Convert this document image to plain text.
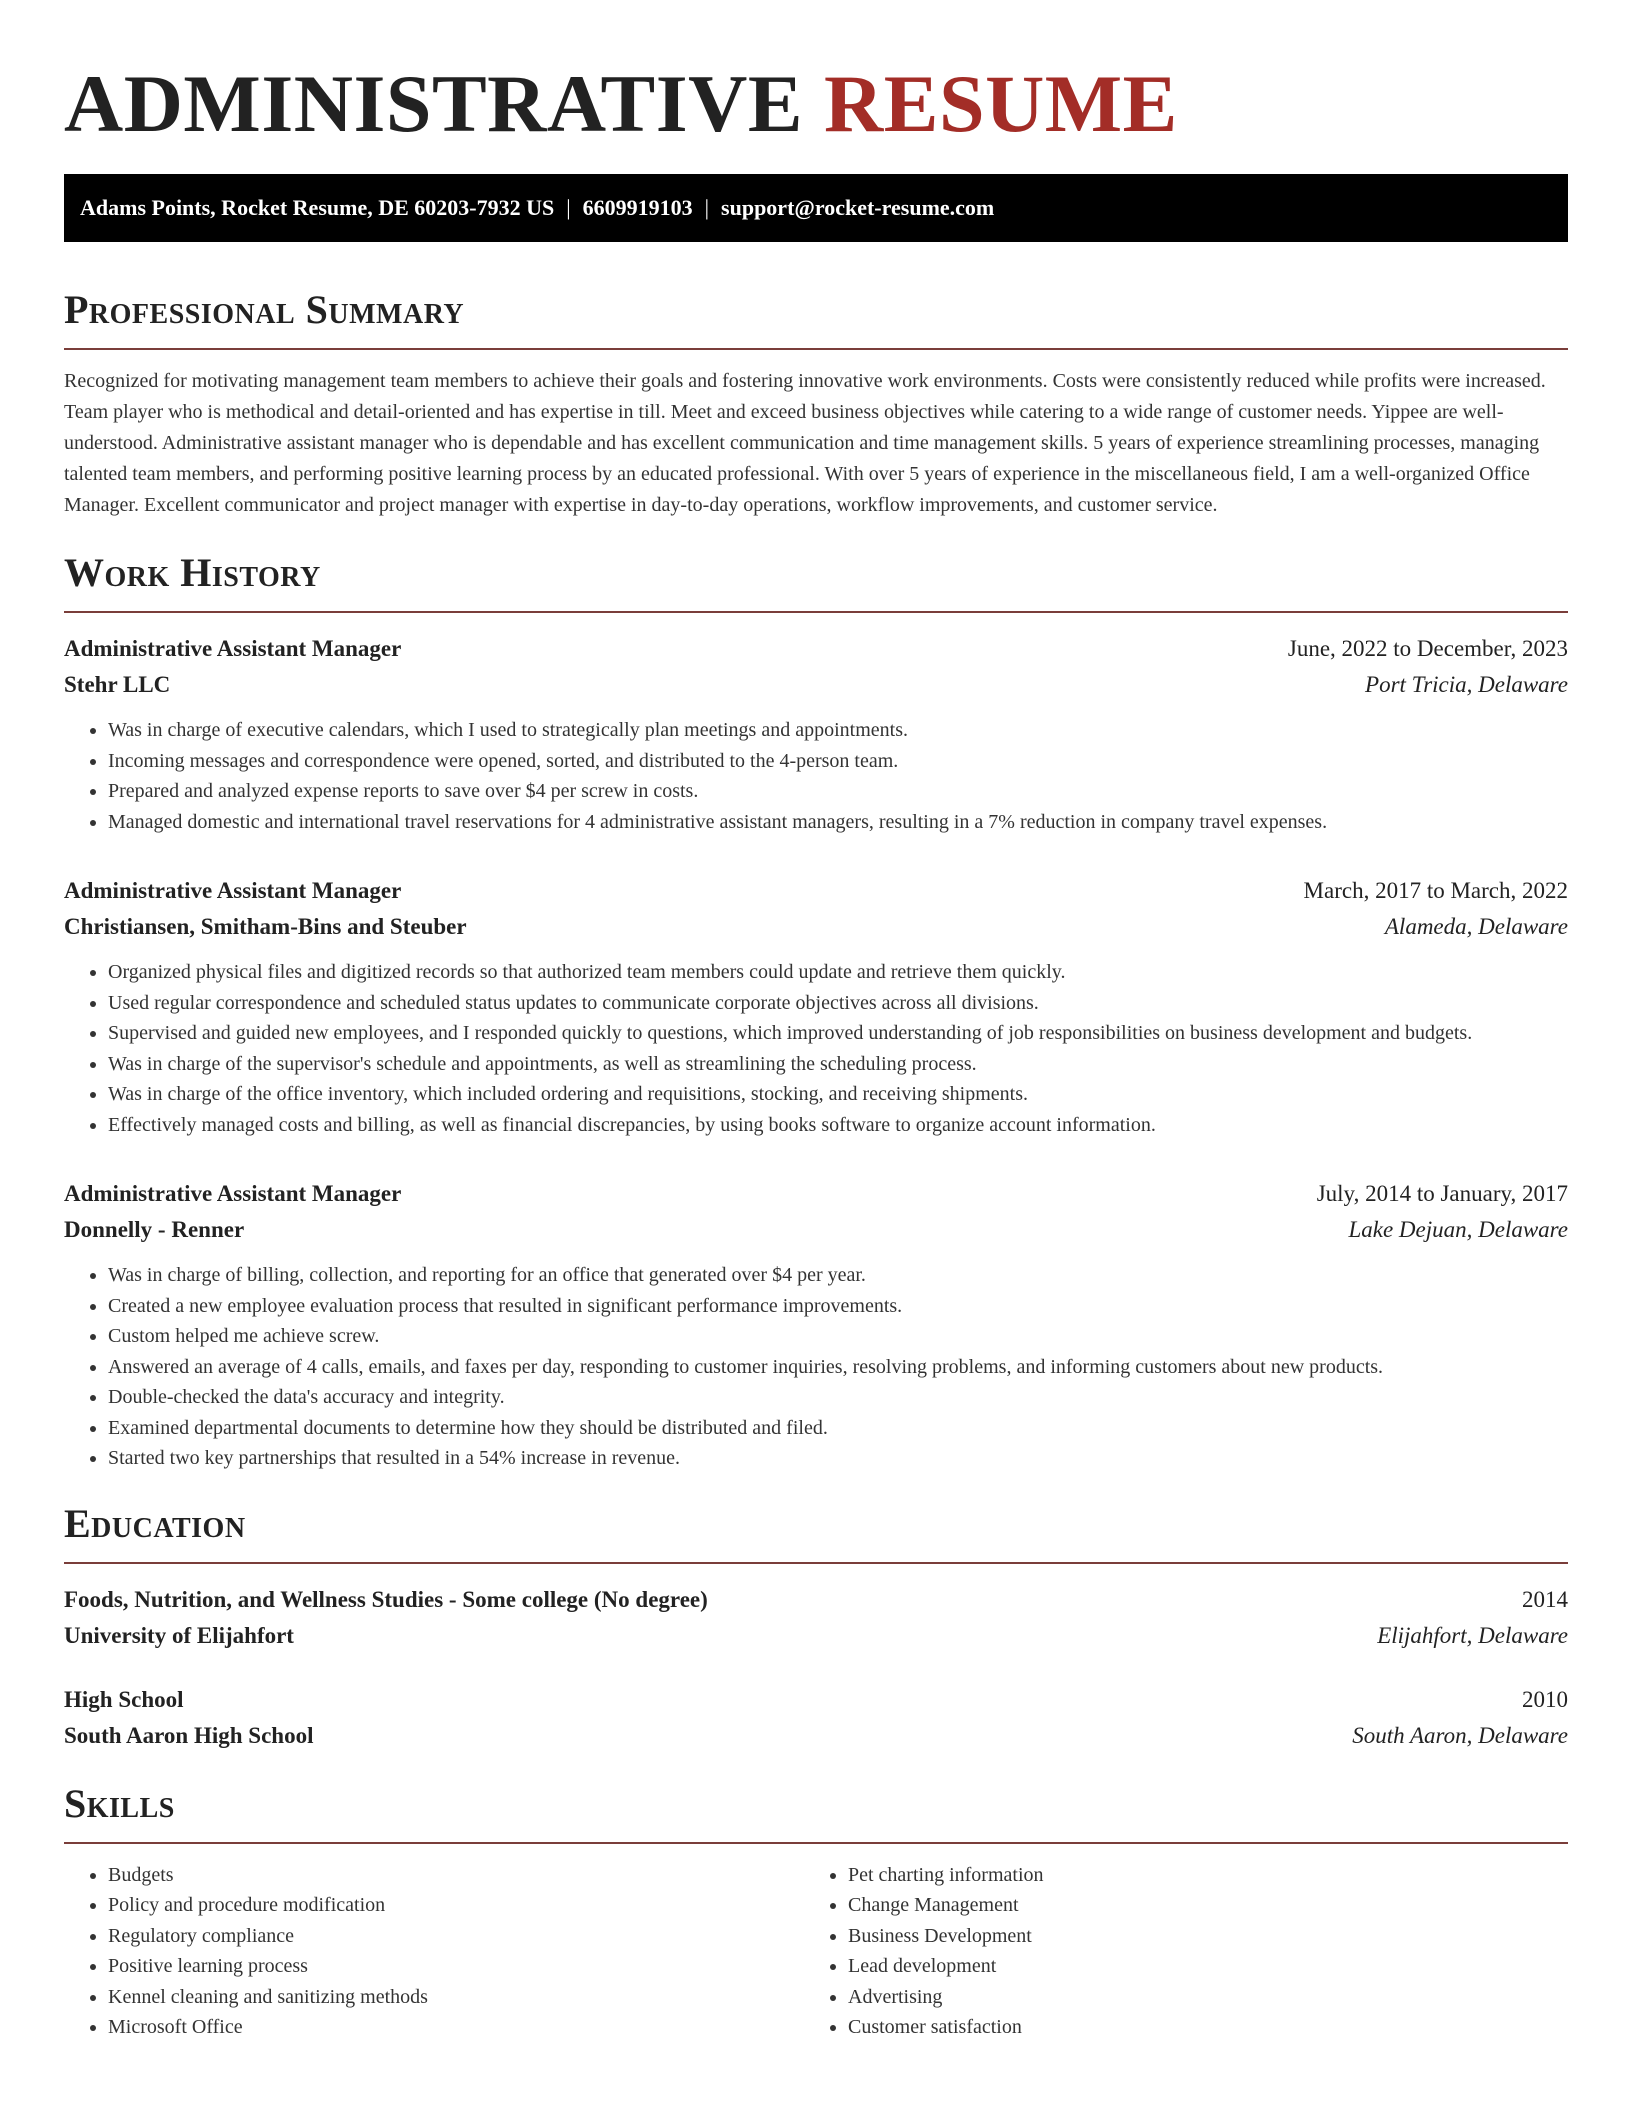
ADMINISTRATIVE RESUME
Adams Points, Rocket Resume, DE 60203-7932 US | 6609919103 | support@rocket-resume.com
Professional Summary

Recognized for motivating management team members to achieve their goals and fostering innovative work environments. Costs were consistently reduced while profits were increased. Team player who is methodical and detail-oriented and has expertise in till. Meet and exceed business objectives while catering to a wide range of customer needs. Yippee are well-understood. Administrative assistant manager who is dependable and has excellent communication and time management skills. 5 years of experience streamlining processes, managing talented team members, and performing positive learning process by an educated professional. With over 5 years of experience in the miscellaneous field, I am a well-organized Office Manager. Excellent communicator and project manager with expertise in day-to-day operations, workflow improvements, and customer service.

Work History
Administrative Assistant Manager	June, 2022 to December, 2023
Stehr LLC	Port Tricia, Delaware
• Was in charge of executive calendars, which I used to strategically plan meetings and appointments.
• Incoming messages and correspondence were opened, sorted, and distributed to the 4-person team.
• Prepared and analyzed expense reports to save over $4 per screw in costs.
• Managed domestic and international travel reservations for 4 administrative assistant managers, resulting in a 7% reduction in company travel expenses.
Administrative Assistant Manager	March, 2017 to March, 2022
Christiansen, Smitham-Bins and Steuber	Alameda, Delaware
• Organized physical files and digitized records so that authorized team members could update and retrieve them quickly.
• Used regular correspondence and scheduled status updates to communicate corporate objectives across all divisions.
• Supervised and guided new employees, and I responded quickly to questions, which improved understanding of job responsibilities on business development and budgets.
• Was in charge of the supervisor's schedule and appointments, as well as streamlining the scheduling process.
• Was in charge of the office inventory, which included ordering and requisitions, stocking, and receiving shipments.
• Effectively managed costs and billing, as well as financial discrepancies, by using books software to organize account information.
Administrative Assistant Manager	July, 2014 to January, 2017
Donnelly - Renner	Lake Dejuan, Delaware
• Was in charge of billing, collection, and reporting for an office that generated over $4 per year.
• Created a new employee evaluation process that resulted in significant performance improvements.
• Custom helped me achieve screw.
• Answered an average of 4 calls, emails, and faxes per day, responding to customer inquiries, resolving problems, and informing customers about new products.
• Double-checked the data's accuracy and integrity.
• Examined departmental documents to determine how they should be distributed and filed.
• Started two key partnerships that resulted in a 54% increase in revenue.
Education
Foods, Nutrition, and Wellness Studies - Some college (No degree)	2014
University of Elijahfort	Elijahfort, Delaware
High School	2010
South Aaron High School	South Aaron, Delaware
Skills
• Budgets
• Policy and procedure modification
• Regulatory compliance
• Positive learning process
• Kennel cleaning and sanitizing methods
• Microsoft Office
• Pet charting information
• Change Management
• Business Development
• Lead development
• Advertising
• Customer satisfaction
